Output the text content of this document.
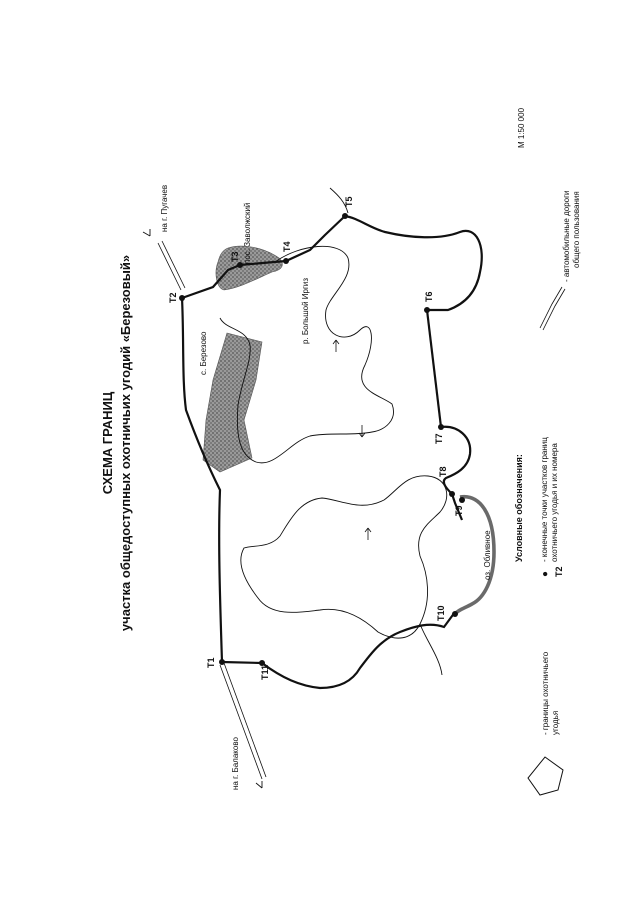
Т1
Т2
Т3
Т4
Т5
Т6
Т7
Т8
Т9
Т10
Т11
на г. Пугачев
на г. Балаково
пос. Заволжский
с. Березово
р. Большой Иргиз
оз. Обливное
СХЕМА ГРАНИЦ участка общедоступных охотничьих угодий «Березовый»
М 1:50 000
Условные обозначения:
● Т2
- конечные точки участков границ охотничьего угодья и их номера
- автомобильные дороги общего пользования
- границы охотничьего угодья
